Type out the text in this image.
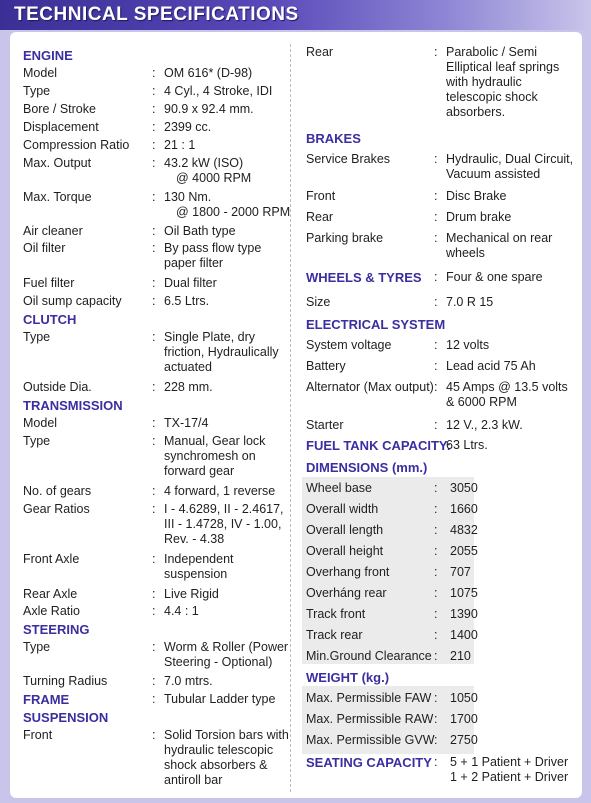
TECHNICAL SPECIFICATIONS
ENGINE
Model	: OM 616* (D-98)
Type	: 4 Cyl., 4 Stroke, IDI
Bore / Stroke	: 90.9 x 92.4 mm.
Displacement	: 2399 cc.
Compression Ratio : 21 : 1
Max. Output	: 43.2 kW (ISO)
@ 4000 RPM
Max. Torque	: 130 Nm.
@ 1800 - 2000 RPM
Air cleaner	: Oil Bath type
Oil filter	: By pass flow type
paper filter
Fuel filter	: Dual filter
Oil sump capacity : 6.5 Ltrs.
CLUTCH
Type	: Single Plate, dry
friction, Hydraulically
actuated
Outside Dia.	: 228 mm.
TRANSMISSION
Model	: TX-17/4
Type	: Manual, Gear lock
synchromesh on
forward gear
No. of gears	: 4 forward, 1 reverse
Gear Ratios	: I - 4.6289, II - 2.4617,
III - 1.4728, IV - 1.00,
Rev. - 4.38
Front Axle	: Independent
suspension
Rear Axle	: Live Rigid
Axle Ratio	: 4.4 : 1
STEERING
Type	: Worm & Roller (Power
Steering - Optional)
Turning Radius	: 7.0 mtrs.
FRAME	: Tubular Ladder type
SUSPENSION
Front	: Solid Torsion bars with
hydraulic telescopic
shock absorbers &
antiroll bar
Rear	: Parabolic / Semi
Elliptical leaf springs
with hydraulic
telescopic shock
absorbers.
BRAKES
Service Brakes	: Hydraulic, Dual Circuit,
Vacuum assisted
Front	: Disc Brake
Rear	: Drum brake
Parking brake	: Mechanical on rear
wheels
WHEELS & TYRES : Four & one spare
Size	: 7.0 R 15
ELECTRICAL SYSTEM
System voltage	: 12 volts
Battery	: Lead acid 75 Ah
Alternator (Max output) : 45 Amps @ 13.5 volts
& 6000 RPM
Starter	: 12 V., 2.3 kW.
FUEL TANK CAPACITY:
63 Ltrs.
DIMENSIONS (mm.)
Wheel base	: 3050
Overall width	: 1660
Overall length	: 4832
Overall height	: 2055
Overhang front	: 707
Overháng rear	: 1075
Track front	: 1390
Track rear	: 1400
Min.Ground Clearance : 210
WEIGHT (kg.)
Max. Permissible FAW : 1050
Max. Permissible RAW : 1700
Max. Permissible GVW : 2750
SEATING CAPACITY : 5 + 1 Patient + Driver
1 + 2 Patient + Driver
